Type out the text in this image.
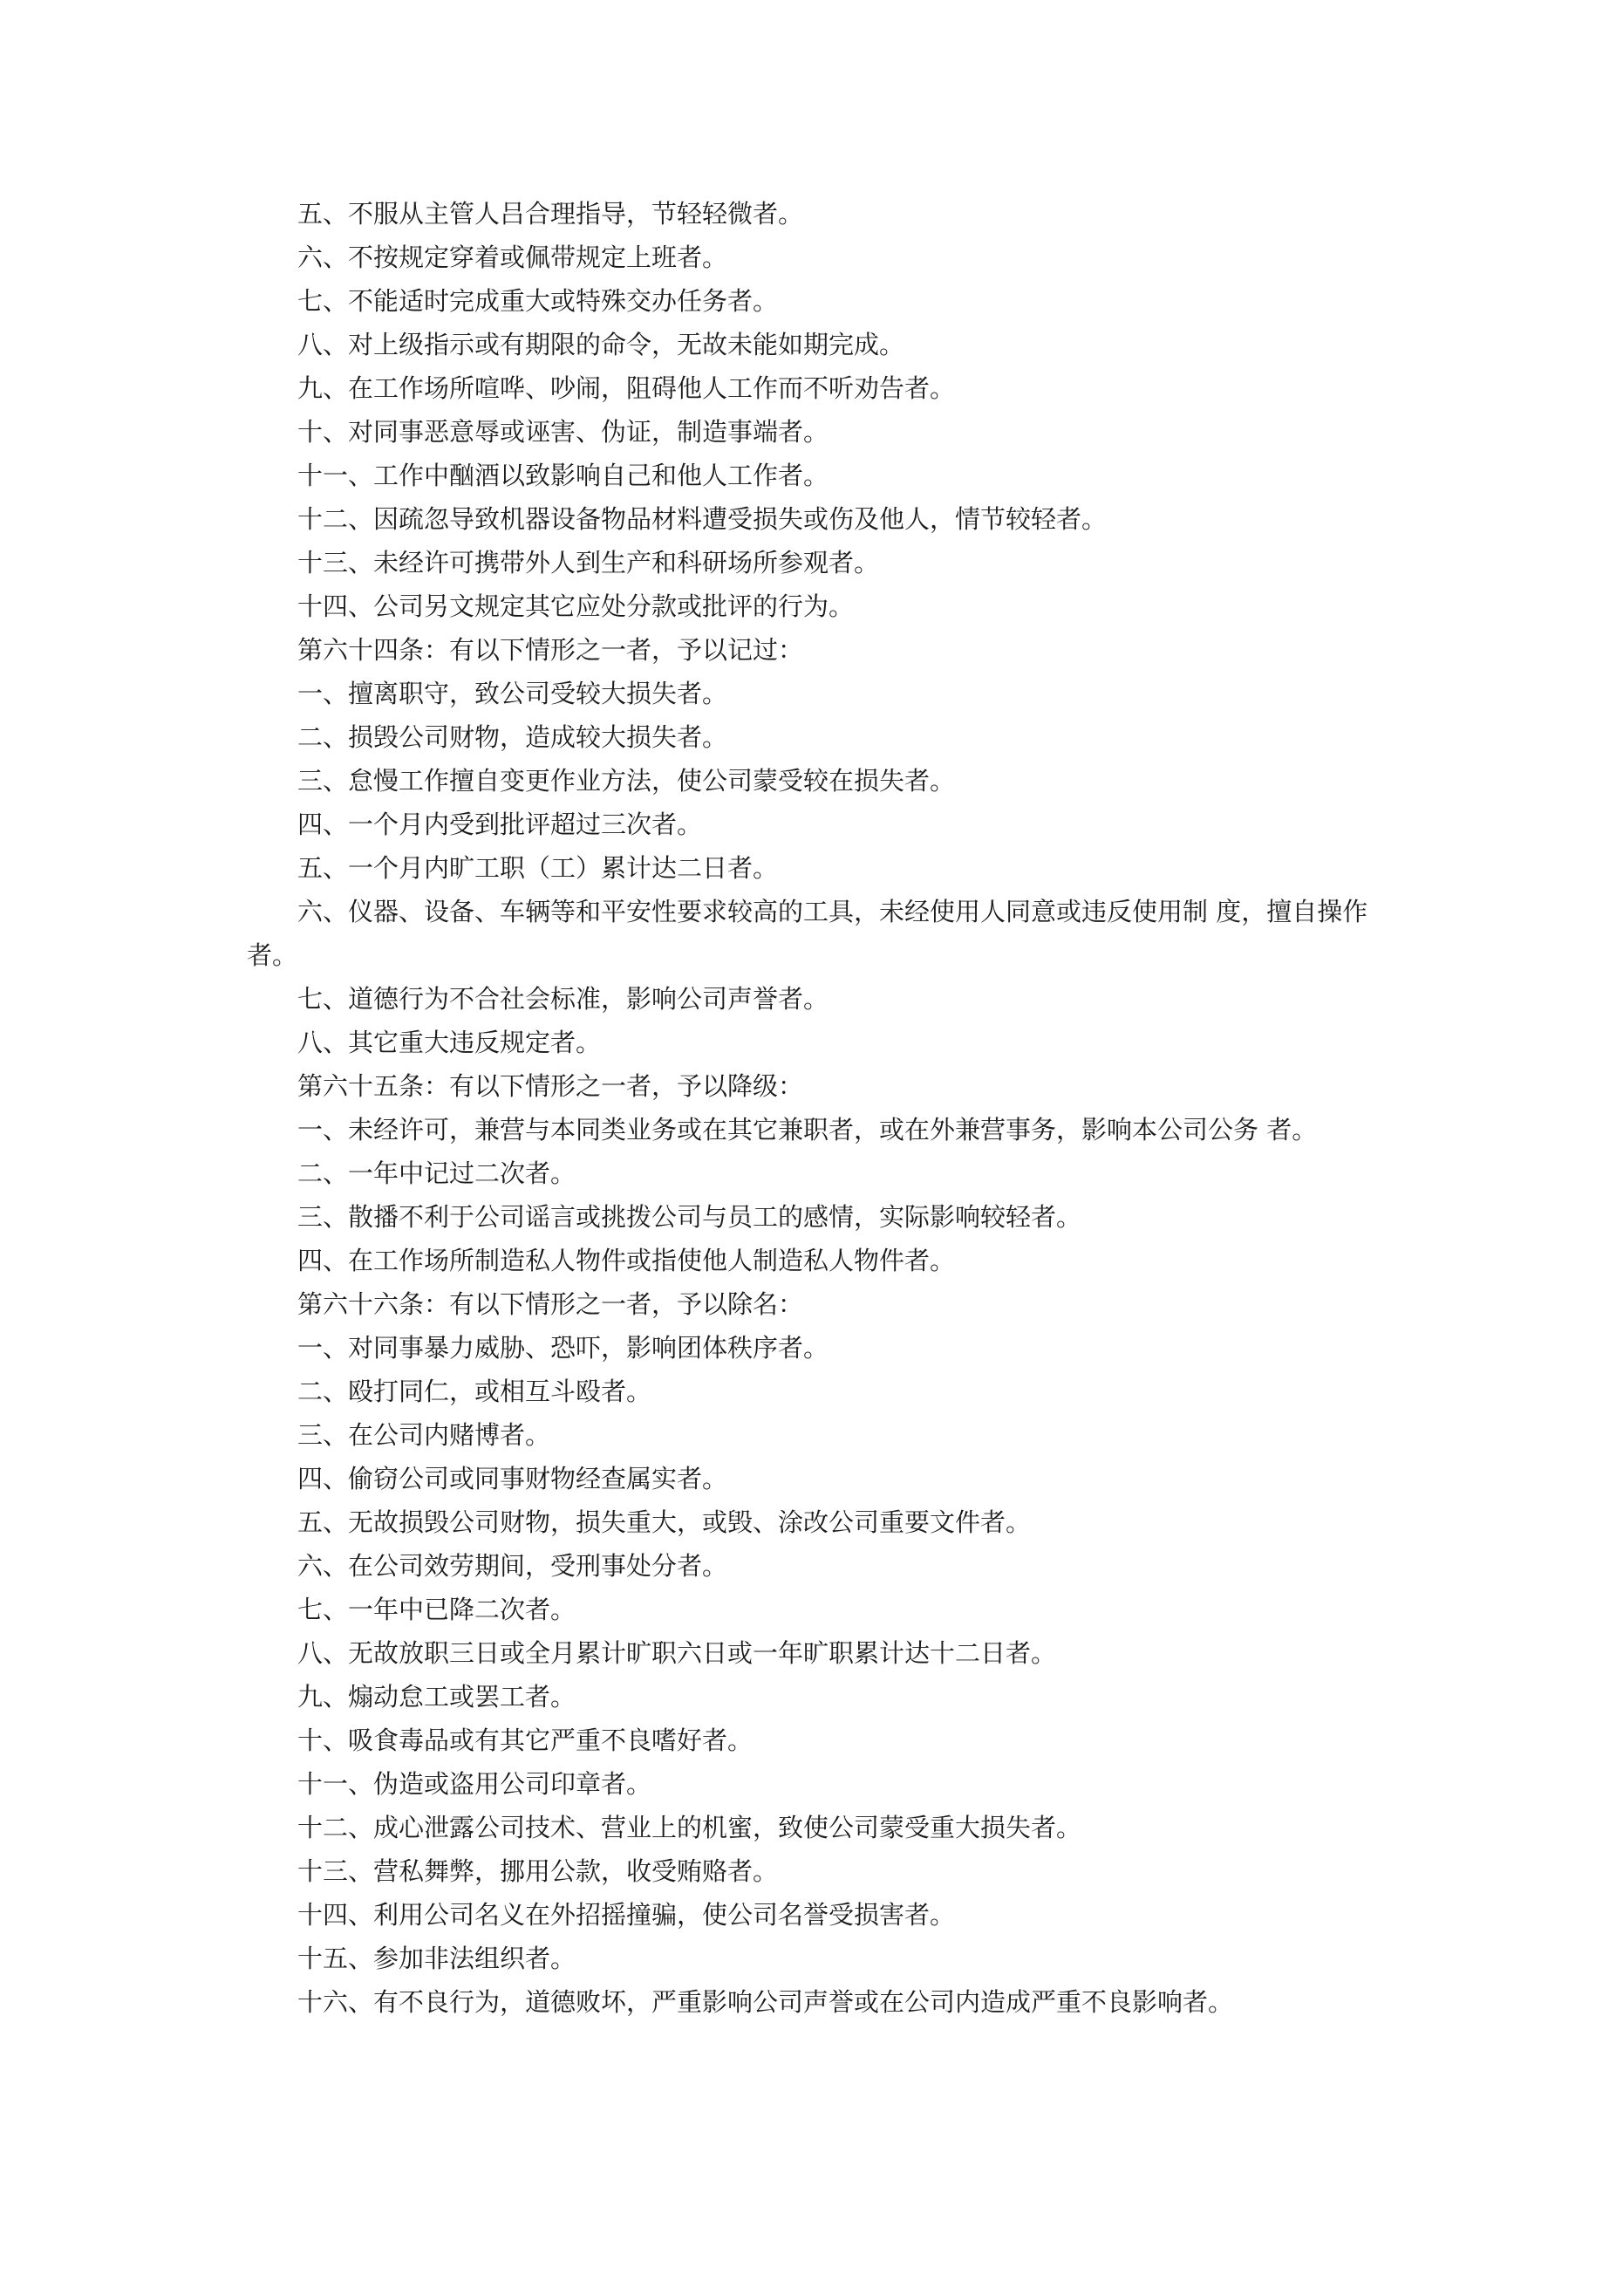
五、不服从主管人吕合理指导，节轻轻微者。

六、不按规定穿着或佩带规定上班者。

七、不能适时完成重大或特殊交办任务者。

八、对上级指示或有期限的命令，无故未能如期完成。

九、在工作场所喧哗、吵闹，阻碍他人工作而不听劝告者。

十、对同事恶意辱或诬害、伪证，制造事端者。

十一、工作中酗酒以致影响自己和他人工作者。

十二、因疏忽导致机器设备物品材料遭受损失或伤及他人，情节较轻者。

十三、未经许可携带外人到生产和科研场所参观者。

十四、公司另文规定其它应处分款或批评的行为。

第六十四条：有以下情形之一者，予以记过：

一、擅离职守，致公司受较大损失者。

二、损毁公司财物，造成较大损失者。

三、怠慢工作擅自变更作业方法，使公司蒙受较在损失者。

四、一个月内受到批评超过三次者。

五、一个月内旷工职（工）累计达二日者。

六、仪器、设备、车辆等和平安性要求较高的工具，未经使用人同意或违反使用制 度，擅自操作者。

七、道德行为不合社会标准，影响公司声誉者。

八、其它重大违反规定者。

第六十五条：有以下情形之一者，予以降级：

一、未经许可，兼营与本同类业务或在其它兼职者，或在外兼营事务，影响本公司公务 者。

二、一年中记过二次者。

三、散播不利于公司谣言或挑拨公司与员工的感情，实际影响较轻者。

四、在工作场所制造私人物件或指使他人制造私人物件者。

第六十六条：有以下情形之一者，予以除名：

一、对同事暴力威胁、恐吓，影响团体秩序者。

二、殴打同仁，或相互斗殴者。

三、在公司内赌博者。

四、偷窃公司或同事财物经查属实者。

五、无故损毁公司财物，损失重大，或毁、涂改公司重要文件者。

六、在公司效劳期间，受刑事处分者。

七、一年中已降二次者。

八、无故放职三日或全月累计旷职六日或一年旷职累计达十二日者。

九、煽动怠工或罢工者。

十、吸食毒品或有其它严重不良嗜好者。

十一、伪造或盗用公司印章者。

十二、成心泄露公司技术、营业上的机蜜，致使公司蒙受重大损失者。

十三、营私舞弊，挪用公款，收受贿赂者。

十四、利用公司名义在外招摇撞骗，使公司名誉受损害者。

十五、参加非法组织者。

十六、有不良行为，道德败坏，严重影响公司声誉或在公司内造成严重不良影响者。
